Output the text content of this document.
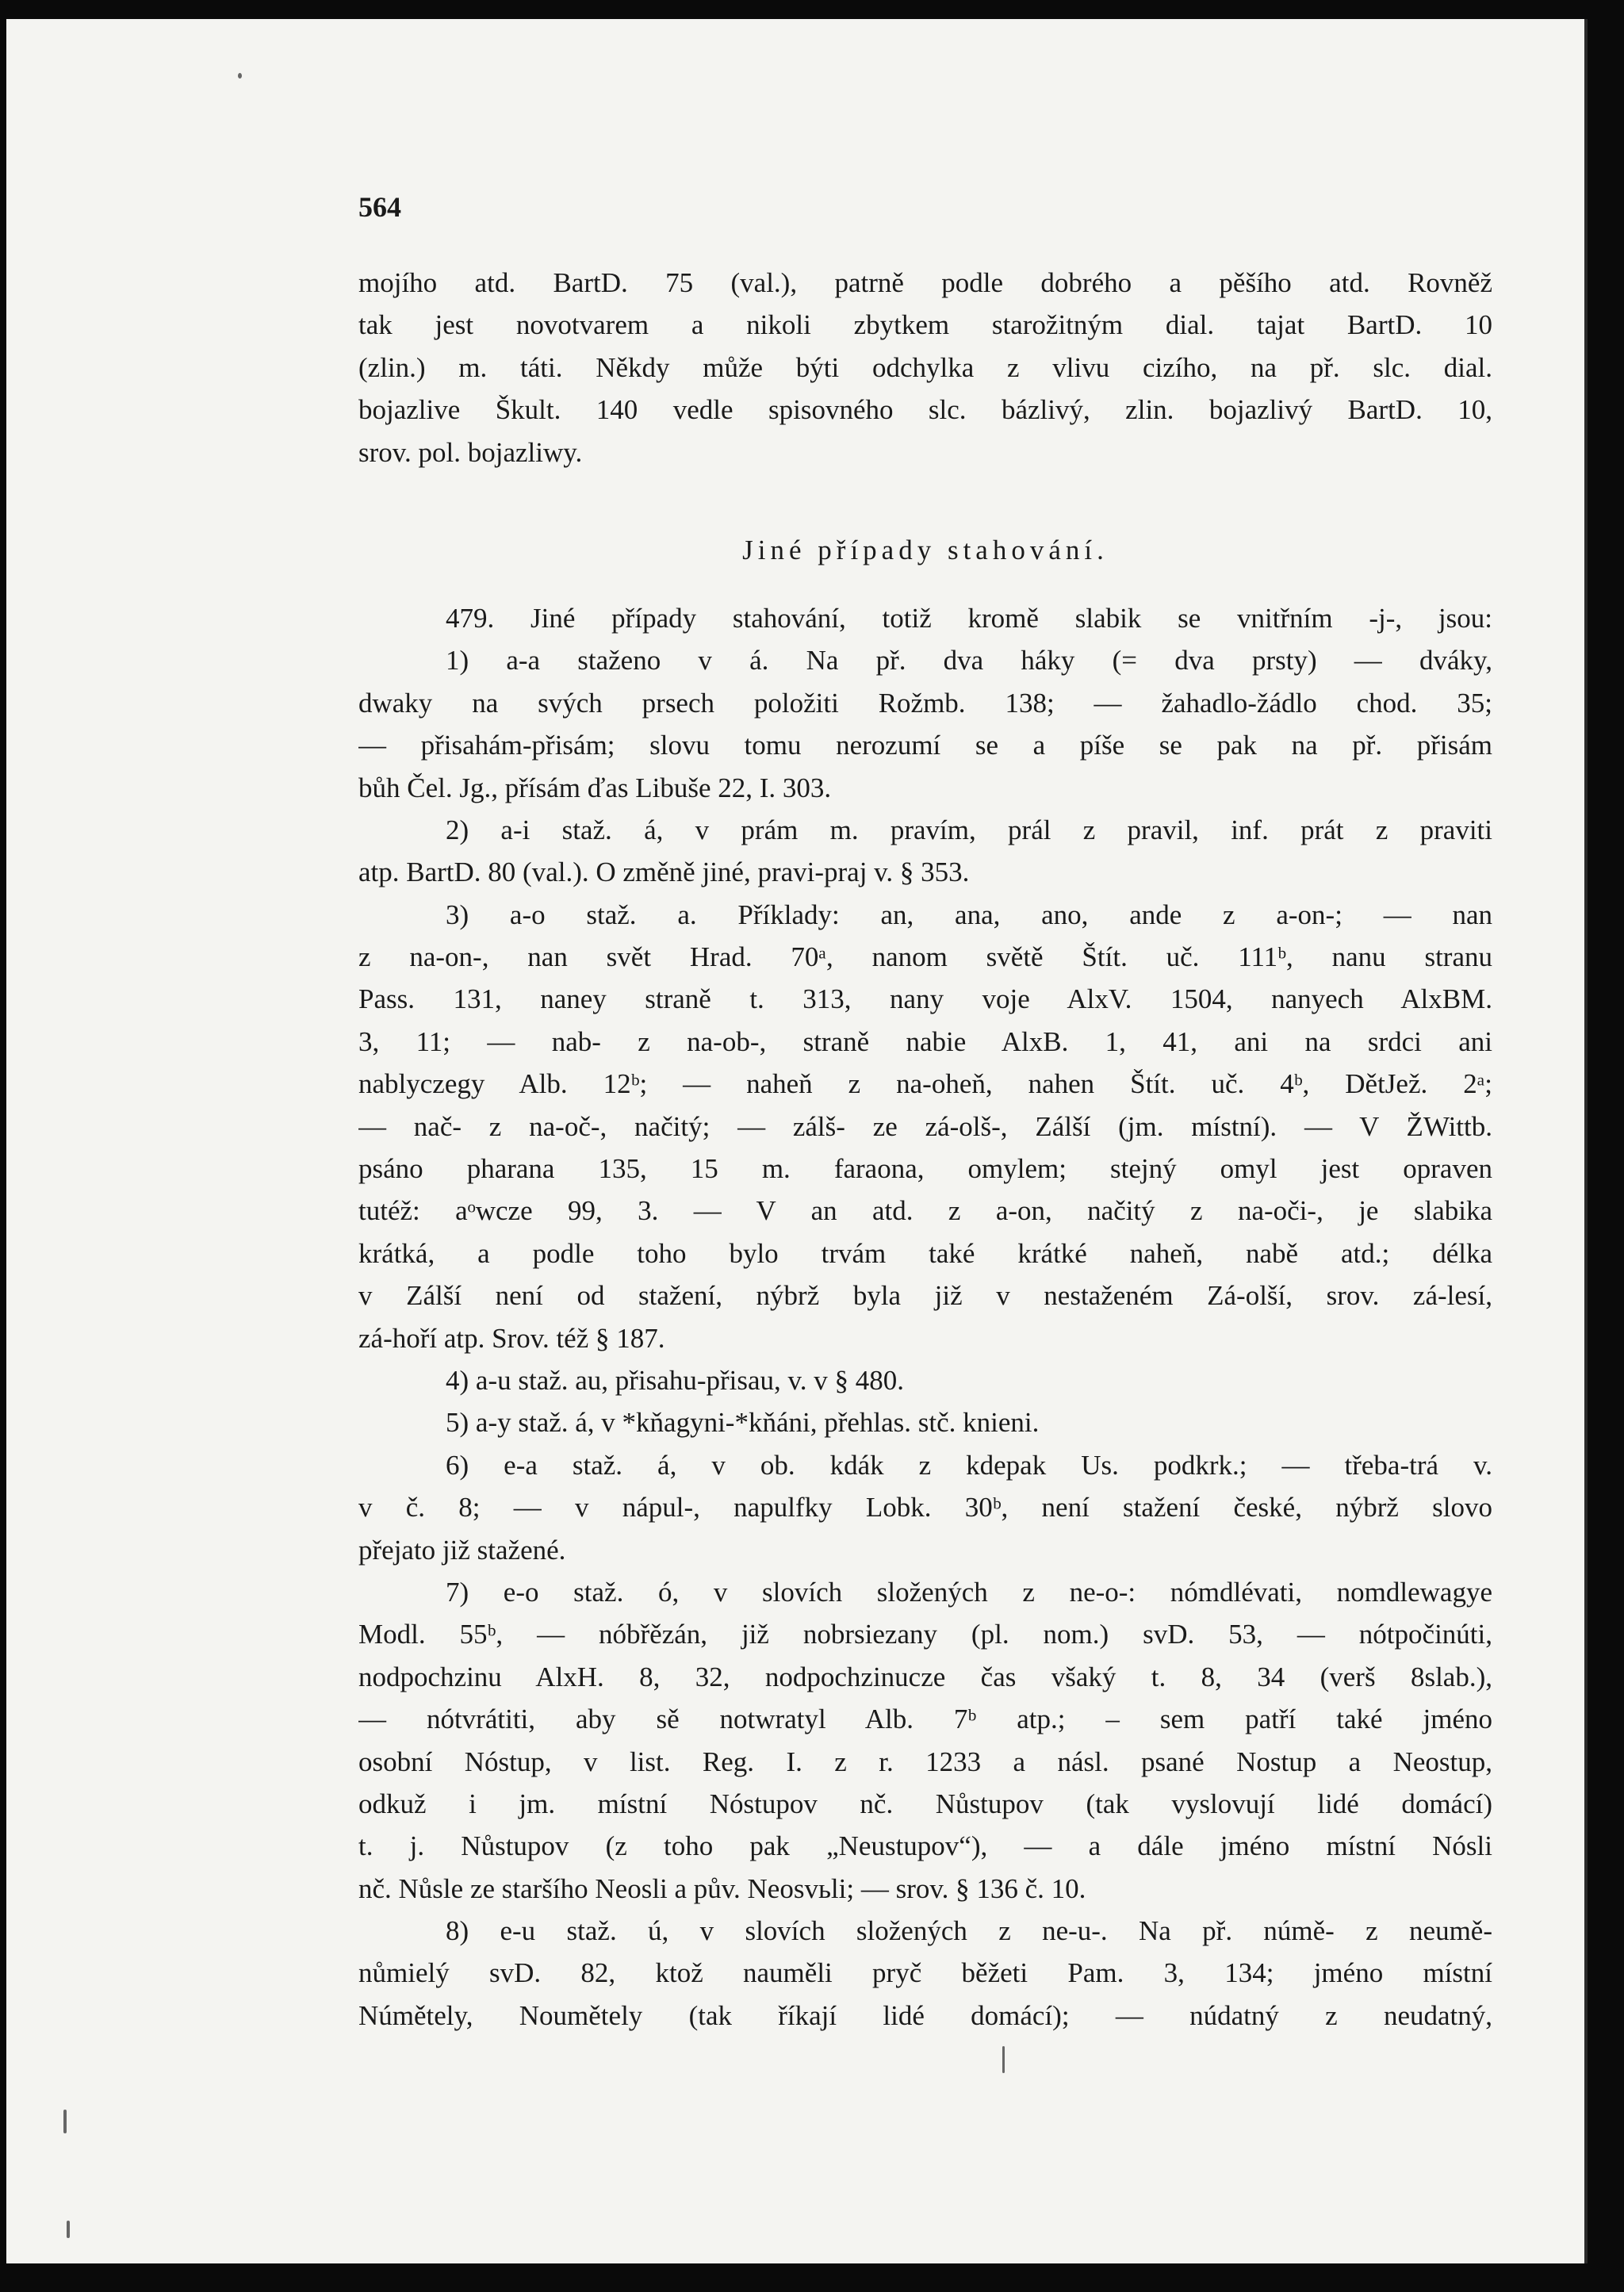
564
mojího atd. BartD. 75 (val.), patrně podle dobrého a pěšího atd. Rovněž
tak jest novotvarem a nikoli zbytkem starožitným dial. tajat BartD. 10
(zlin.) m. táti. Někdy může býti odchylka z vlivu cizího, na př. slc. dial.
bojazlive Škult. 140 vedle spisovného slc. bázlivý, zlin. bojazlivý BartD. 10,
srov. pol. bojazliwy.
Jiné případy stahování.
479. Jiné případy stahování, totiž kromě slabik se vnitřním -j-, jsou:
1) a-a staženo v á. Na př. dva háky (= dva prsty) — dváky,
dwaky na svých prsech položiti Rožmb. 138; — žahadlo-žádlo chod. 35;
— přisahám-přisám; slovu tomu nerozumí se a píše se pak na př. přisám
bůh Čel. Jg., přísám ďas Libuše 22, I. 303.
2) a-i staž. á, v prám m. pravím, prál z pravil, inf. prát z praviti
atp. BartD. 80 (val.). O změně jiné, pravi-praj v. § 353.
3) a-o staž. a. Příklady: an, ana, ano, ande z a-on-; — nan
z na-on-, nan svět Hrad. 70ᵃ, nanom světě Štít. uč. 111ᵇ, nanu stranu
Pass. 131, naney straně t. 313, nany voje AlxV. 1504, nanyech AlxBM.
3, 11; — nab- z na-ob-, straně nabie AlxB. 1, 41, ani na srdci ani
nablyczegy Alb. 12ᵇ; — naheň z na-oheň, nahen Štít. uč. 4ᵇ, DětJež. 2ᵃ;
— nač- z na-oč-, načitý; — zálš- ze zá-olš-, Zálší (jm. místní). — V ŽWittb.
psáno pharana 135, 15 m. faraona, omylem; stejný omyl jest opraven
tutéž: aᵒwcze 99, 3. — V an atd. z a-on, načitý z na-oči-, je slabika
krátká, a podle toho bylo trvám také krátké naheň, nabě atd.; délka
v Zálší není od stažení, nýbrž byla již v nestaženém Zá-olší, srov. zá-lesí,
zá-hoří atp. Srov. též § 187.
4) a-u staž. au, přisahu-přisau, v. v § 480.
5) a-y staž. á, v *kňagyni-*kňáni, přehlas. stč. knieni.
6) e-a staž. á, v ob. kdák z kdepak Us. podkrk.; — třeba-trá v.
v č. 8; — v nápul-, napulfky Lobk. 30ᵇ, není stažení české, nýbrž slovo
přejato již stažené.
7) e-o staž. ó, v slovích složených z ne-o-: nómdlévati, nomdlewagye
Modl. 55ᵇ, — nóbřězán, již nobrsiezany (pl. nom.) svD. 53, — nótpočinúti,
nodpochzinu AlxH. 8, 32, nodpochzinucze čas všaký t. 8, 34 (verš 8slab.),
— nótvrátiti, aby sě notwratyl Alb. 7ᵇ atp.; – sem patří také jméno
osobní Nóstup, v list. Reg. I. z r. 1233 a násl. psané Nostup a Neostup,
odkuž i jm. místní Nóstupov nč. Nůstupov (tak vyslovují lidé domácí)
t. j. Nůstupov (z toho pak „Neustupov“), — a dále jméno místní Nósli
nč. Nůsle ze staršího Neosli a pův. Neosvьli; — srov. § 136 č. 10.
8) e-u staž. ú, v slovích složených z ne-u-. Na př. númě- z neumě-
nůmielý svD. 82, ktož nauměli pryč běžeti Pam. 3, 134; jméno místní
Númětely, Noumětely (tak říkají lidé domácí); — núdatný z neudatný,
